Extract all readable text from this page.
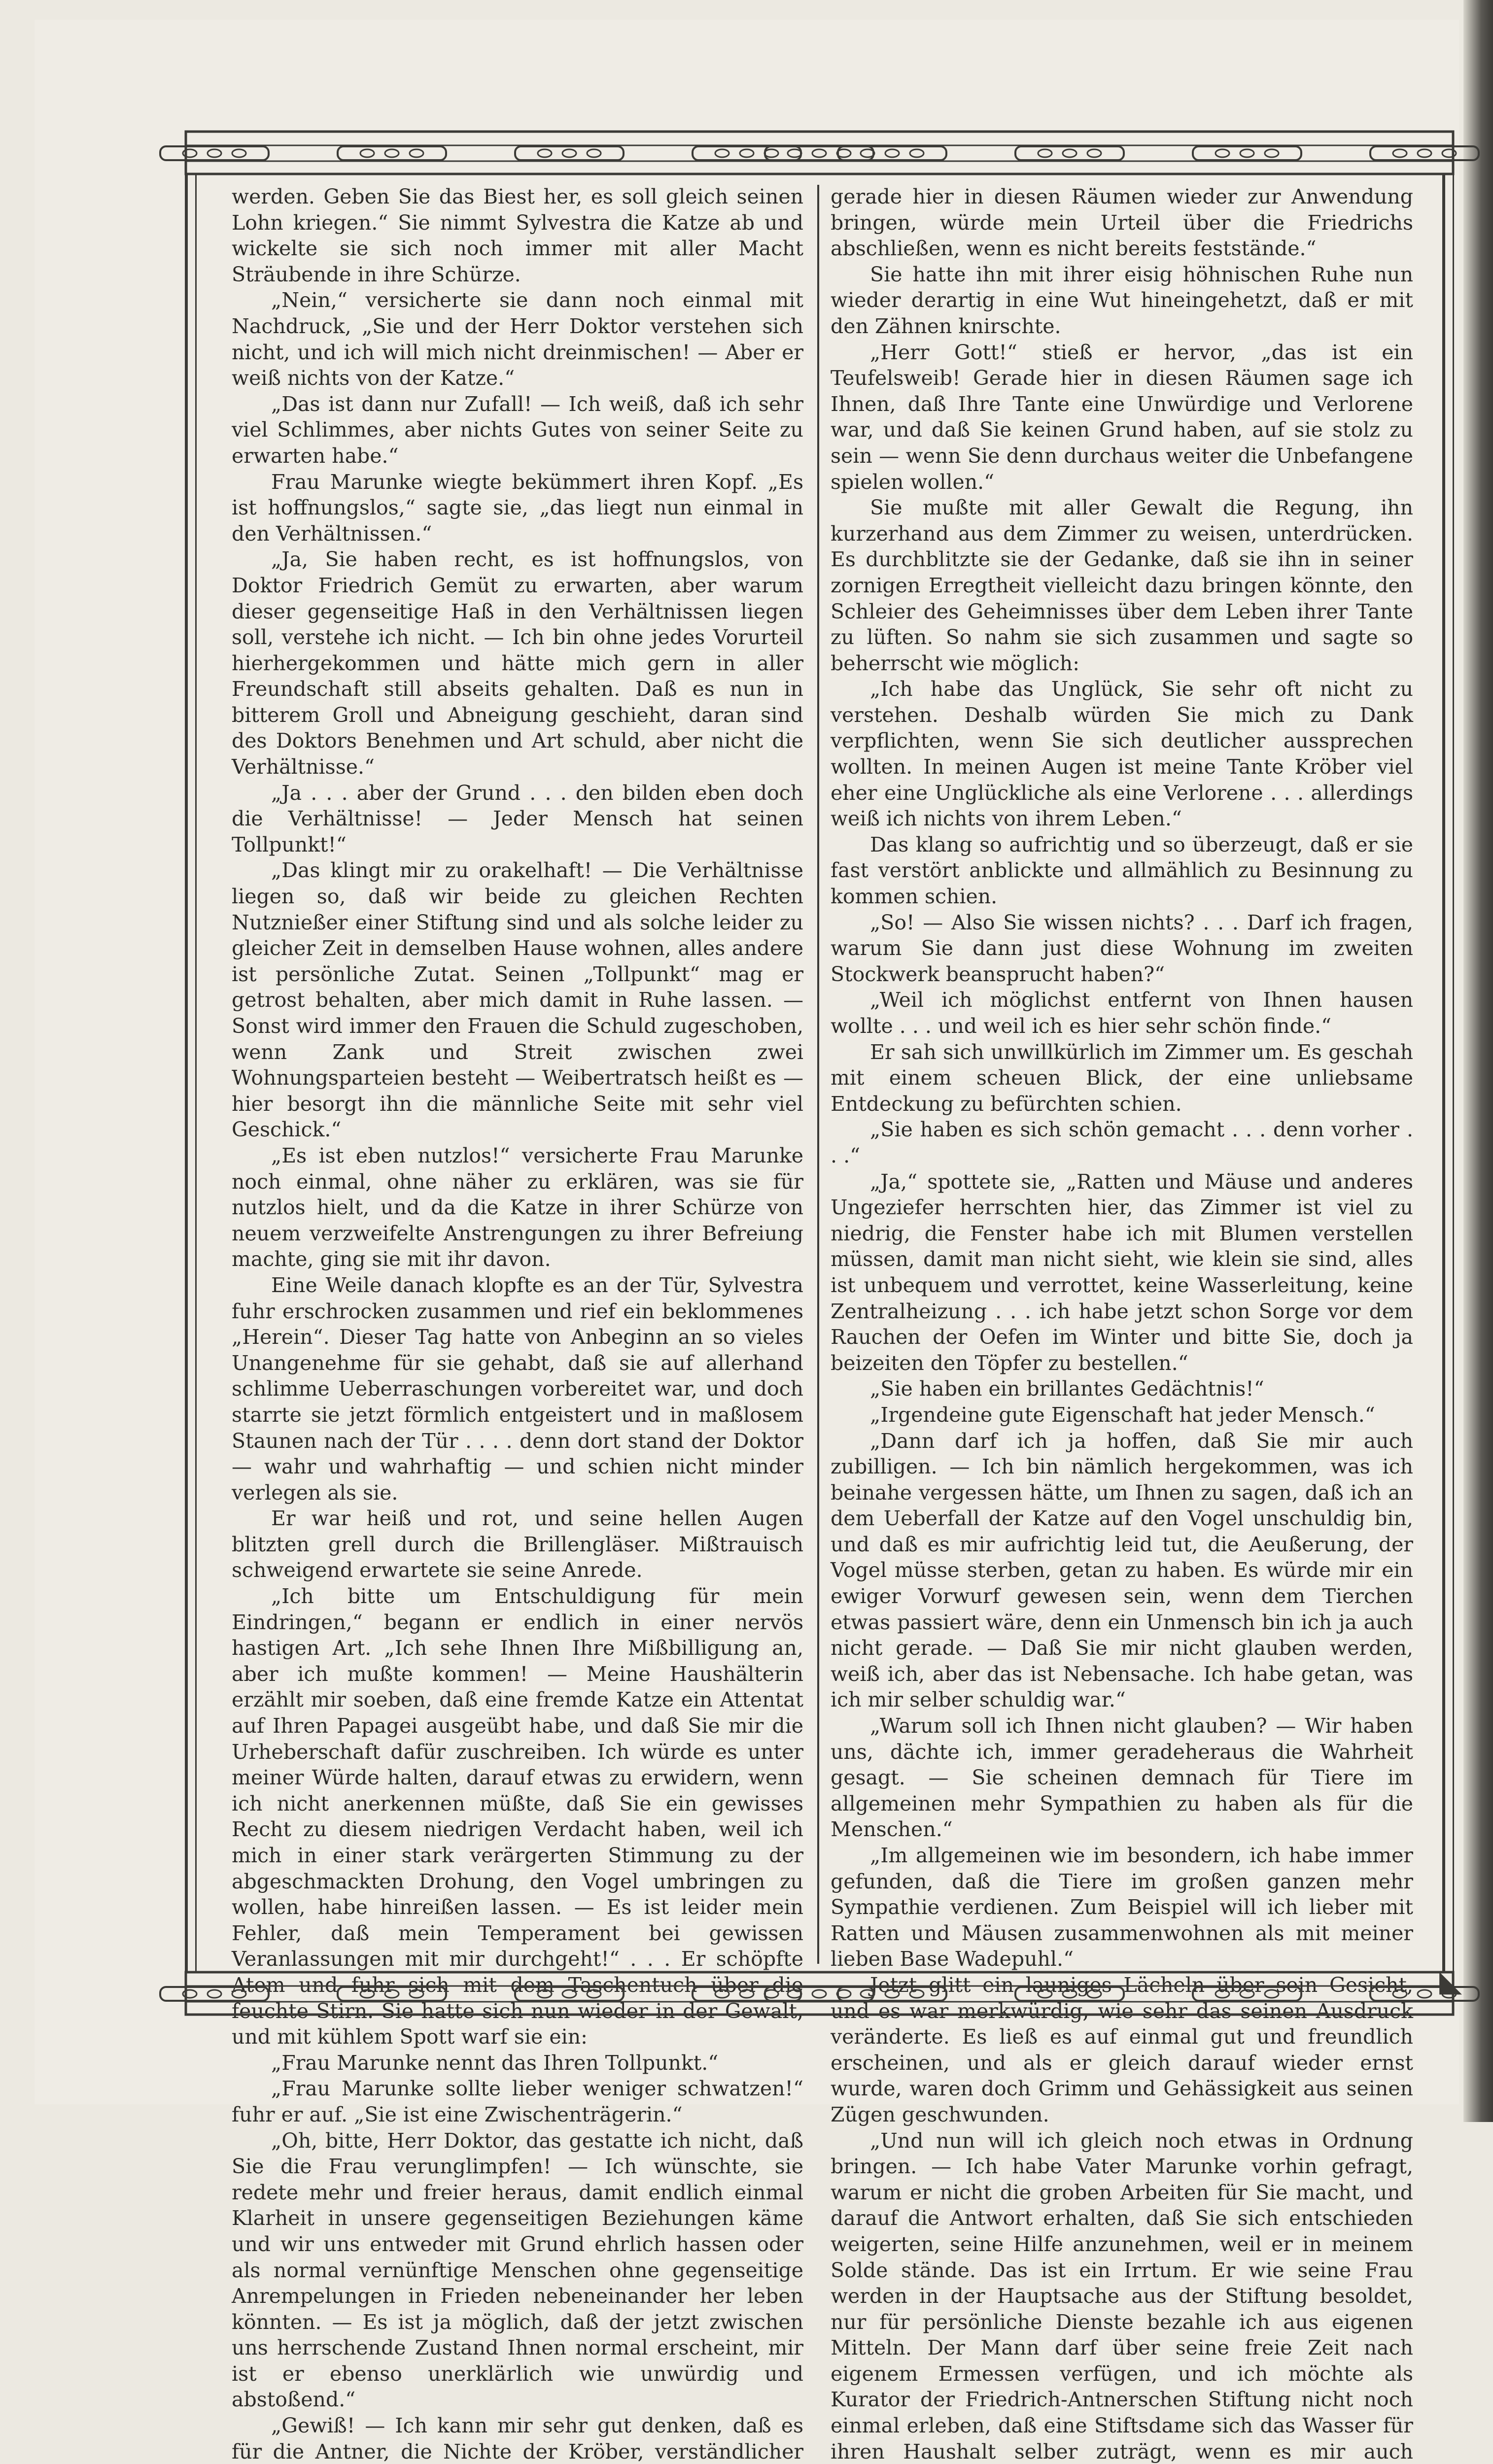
werden. Geben Sie das Biest her, es soll gleich seinen Lohn kriegen.“ Sie nimmt Sylvestra die Katze ab und wickelte sie sich noch immer mit aller Macht Sträubende in ihre Schürze.

„Nein,“ versicherte sie dann noch einmal mit Nachdruck, „Sie und der Herr Doktor verstehen sich nicht, und ich will mich nicht dreinmischen! — Aber er weiß nichts von der Katze.“

„Das ist dann nur Zufall! — Ich weiß, daß ich sehr viel Schlimmes, aber nichts Gutes von seiner Seite zu erwarten habe.“

Frau Marunke wiegte bekümmert ihren Kopf. „Es ist hoffnungslos,“ sagte sie, „das liegt nun einmal in den Verhältnissen.“

„Ja, Sie haben recht, es ist hoffnungslos, von Doktor Friedrich Gemüt zu erwarten, aber warum dieser gegenseitige Haß in den Verhältnissen liegen soll, verstehe ich nicht. — Ich bin ohne jedes Vorurteil hierhergekommen und hätte mich gern in aller Freundschaft still abseits gehalten. Daß es nun in bitterem Groll und Abneigung geschieht, daran sind des Doktors Benehmen und Art schuld, aber nicht die Verhältnisse.“

„Ja . . . aber der Grund . . . den bilden eben doch die Verhältnisse! — Jeder Mensch hat seinen Tollpunkt!“

„Das klingt mir zu orakelhaft! — Die Verhältnisse liegen so, daß wir beide zu gleichen Rechten Nutznießer einer Stiftung sind und als solche leider zu gleicher Zeit in demselben Hause wohnen, alles andere ist persönliche Zutat. Seinen „Tollpunkt“ mag er getrost behalten, aber mich damit in Ruhe lassen. — Sonst wird immer den Frauen die Schuld zugeschoben, wenn Zank und Streit zwischen zwei Wohnungsparteien besteht — Weibertratsch heißt es — hier besorgt ihn die männliche Seite mit sehr viel Geschick.“

„Es ist eben nutzlos!“ versicherte Frau Marunke noch einmal, ohne näher zu erklären, was sie für nutzlos hielt, und da die Katze in ihrer Schürze von neuem verzweifelte Anstrengungen zu ihrer Befreiung machte, ging sie mit ihr davon.

Eine Weile danach klopfte es an der Tür, Sylvestra fuhr erschrocken zusammen und rief ein beklommenes „Herein“. Dieser Tag hatte von Anbeginn an so vieles Unangenehme für sie gehabt, daß sie auf allerhand schlimme Ueberraschungen vorbereitet war, und doch starrte sie jetzt förmlich entgeistert und in maßlosem Staunen nach der Tür . . . . denn dort stand der Doktor — wahr und wahrhaftig — und schien nicht minder verlegen als sie.

Er war heiß und rot, und seine hellen Augen blitzten grell durch die Brillengläser. Mißtrauisch schweigend erwartete sie seine Anrede.

„Ich bitte um Entschuldigung für mein Eindringen,“ begann er endlich in einer nervös hastigen Art. „Ich sehe Ihnen Ihre Mißbilligung an, aber ich mußte kommen! — Meine Haushälterin erzählt mir soeben, daß eine fremde Katze ein Attentat auf Ihren Papagei ausgeübt habe, und daß Sie mir die Urheberschaft dafür zuschreiben. Ich würde es unter meiner Würde halten, darauf etwas zu erwidern, wenn ich nicht anerkennen müßte, daß Sie ein gewisses Recht zu diesem niedrigen Verdacht haben, weil ich mich in einer stark verärgerten Stimmung zu der abgeschmackten Drohung, den Vogel umbringen zu wollen, habe hinreißen lassen. — Es ist leider mein Fehler, daß mein Temperament bei gewissen Veranlassungen mit mir durchgeht!“ . . . Er schöpfte Atem und fuhr sich mit dem Taschentuch über die feuchte Stirn. Sie hatte sich nun wieder in der Gewalt, und mit kühlem Spott warf sie ein:

„Frau Marunke nennt das Ihren Tollpunkt.“

„Frau Marunke sollte lieber weniger schwatzen!“ fuhr er auf. „Sie ist eine Zwischenträgerin.“

„Oh, bitte, Herr Doktor, das gestatte ich nicht, daß Sie die Frau verunglimpfen! — Ich wünschte, sie redete mehr und freier heraus, damit endlich einmal Klarheit in unsere gegenseitigen Beziehungen käme und wir uns entweder mit Grund ehrlich hassen oder als normal vernünftige Menschen ohne gegenseitige Anrempelungen in Frieden nebeneinander her leben könnten. — Es ist ja möglich, daß der jetzt zwischen uns herrschende Zustand Ihnen normal erscheint, mir ist er ebenso unerklärlich wie unwürdig und abstoßend.“

„Gewiß! — Ich kann mir sehr gut denken, daß es für die Antner, die Nichte der Kröber, verständlicher

gerade hier in diesen Räumen wieder zur Anwendung bringen, würde mein Urteil über die Friedrichs abschließen, wenn es nicht bereits feststände.“

Sie hatte ihn mit ihrer eisig höhnischen Ruhe nun wieder derartig in eine Wut hineingehetzt, daß er mit den Zähnen knirschte.

„Herr Gott!“ stieß er hervor, „das ist ein Teufelsweib! Gerade hier in diesen Räumen sage ich Ihnen, daß Ihre Tante eine Unwürdige und Verlorene war, und daß Sie keinen Grund haben, auf sie stolz zu sein — wenn Sie denn durchaus weiter die Unbefangene spielen wollen.“

Sie mußte mit aller Gewalt die Regung, ihn kurzerhand aus dem Zimmer zu weisen, unterdrücken. Es durchblitzte sie der Gedanke, daß sie ihn in seiner zornigen Erregtheit vielleicht dazu bringen könnte, den Schleier des Geheimnisses über dem Leben ihrer Tante zu lüften. So nahm sie sich zusammen und sagte so beherrscht wie möglich:

„Ich habe das Unglück, Sie sehr oft nicht zu verstehen. Deshalb würden Sie mich zu Dank verpflichten, wenn Sie sich deutlicher aussprechen wollten. In meinen Augen ist meine Tante Kröber viel eher eine Unglückliche als eine Verlorene . . . allerdings weiß ich nichts von ihrem Leben.“

Das klang so aufrichtig und so überzeugt, daß er sie fast verstört anblickte und allmählich zu Besinnung zu kommen schien.

„So! — Also Sie wissen nichts? . . . Darf ich fragen, warum Sie dann just diese Wohnung im zweiten Stockwerk beansprucht haben?“

„Weil ich möglichst entfernt von Ihnen hausen wollte . . . und weil ich es hier sehr schön finde.“

Er sah sich unwillkürlich im Zimmer um. Es geschah mit einem scheuen Blick, der eine unliebsame Entdeckung zu befürchten schien.

„Sie haben es sich schön gemacht . . . denn vorher . . .“

„Ja,“ spottete sie, „Ratten und Mäuse und anderes Ungeziefer herrschten hier, das Zimmer ist viel zu niedrig, die Fenster habe ich mit Blumen verstellen müssen, damit man nicht sieht, wie klein sie sind, alles ist unbequem und verrottet, keine Wasserleitung, keine Zentralheizung . . . ich habe jetzt schon Sorge vor dem Rauchen der Oefen im Winter und bitte Sie, doch ja beizeiten den Töpfer zu bestellen.“

„Sie haben ein brillantes Gedächtnis!“

„Irgendeine gute Eigenschaft hat jeder Mensch.“

„Dann darf ich ja hoffen, daß Sie mir auch zubilligen. — Ich bin nämlich hergekommen, was ich beinahe vergessen hätte, um Ihnen zu sagen, daß ich an dem Ueberfall der Katze auf den Vogel unschuldig bin, und daß es mir aufrichtig leid tut, die Aeußerung, der Vogel müsse sterben, getan zu haben. Es würde mir ein ewiger Vorwurf gewesen sein, wenn dem Tierchen etwas passiert wäre, denn ein Unmensch bin ich ja auch nicht gerade. — Daß Sie mir nicht glauben werden, weiß ich, aber das ist Nebensache. Ich habe getan, was ich mir selber schuldig war.“

„Warum soll ich Ihnen nicht glauben? — Wir haben uns, dächte ich, immer geradeheraus die Wahrheit gesagt. — Sie scheinen demnach für Tiere im allgemeinen mehr Sympathien zu haben als für die Menschen.“

„Im allgemeinen wie im besondern, ich habe immer gefunden, daß die Tiere im großen ganzen mehr Sympathie verdienen. Zum Beispiel will ich lieber mit Ratten und Mäusen zusammenwohnen als mit meiner lieben Base Wadepuhl.“

Jetzt glitt ein launiges Lächeln über sein Gesicht, und es war merkwürdig, wie sehr das seinen Ausdruck veränderte. Es ließ es auf einmal gut und freundlich erscheinen, und als er gleich darauf wieder ernst wurde, waren doch Grimm und Gehässigkeit aus seinen Zügen geschwunden.

„Und nun will ich gleich noch etwas in Ordnung bringen. — Ich habe Vater Marunke vorhin gefragt, warum er nicht die groben Arbeiten für Sie macht, und darauf die Antwort erhalten, daß Sie sich entschieden weigerten, seine Hilfe anzunehmen, weil er in meinem Solde stände. Das ist ein Irrtum. Er wie seine Frau werden in der Hauptsache aus der Stiftung besoldet, nur für persönliche Dienste bezahle ich aus eigenen Mitteln. Der Mann darf über seine freie Zeit nach eigenem Ermessen verfügen, und ich möchte als Kurator der Friedrich-Antnerschen Stiftung nicht noch einmal erleben, daß eine Stiftsdame sich das Wasser für ihren Haushalt selber zuträgt, wenn es mir auch

◣
